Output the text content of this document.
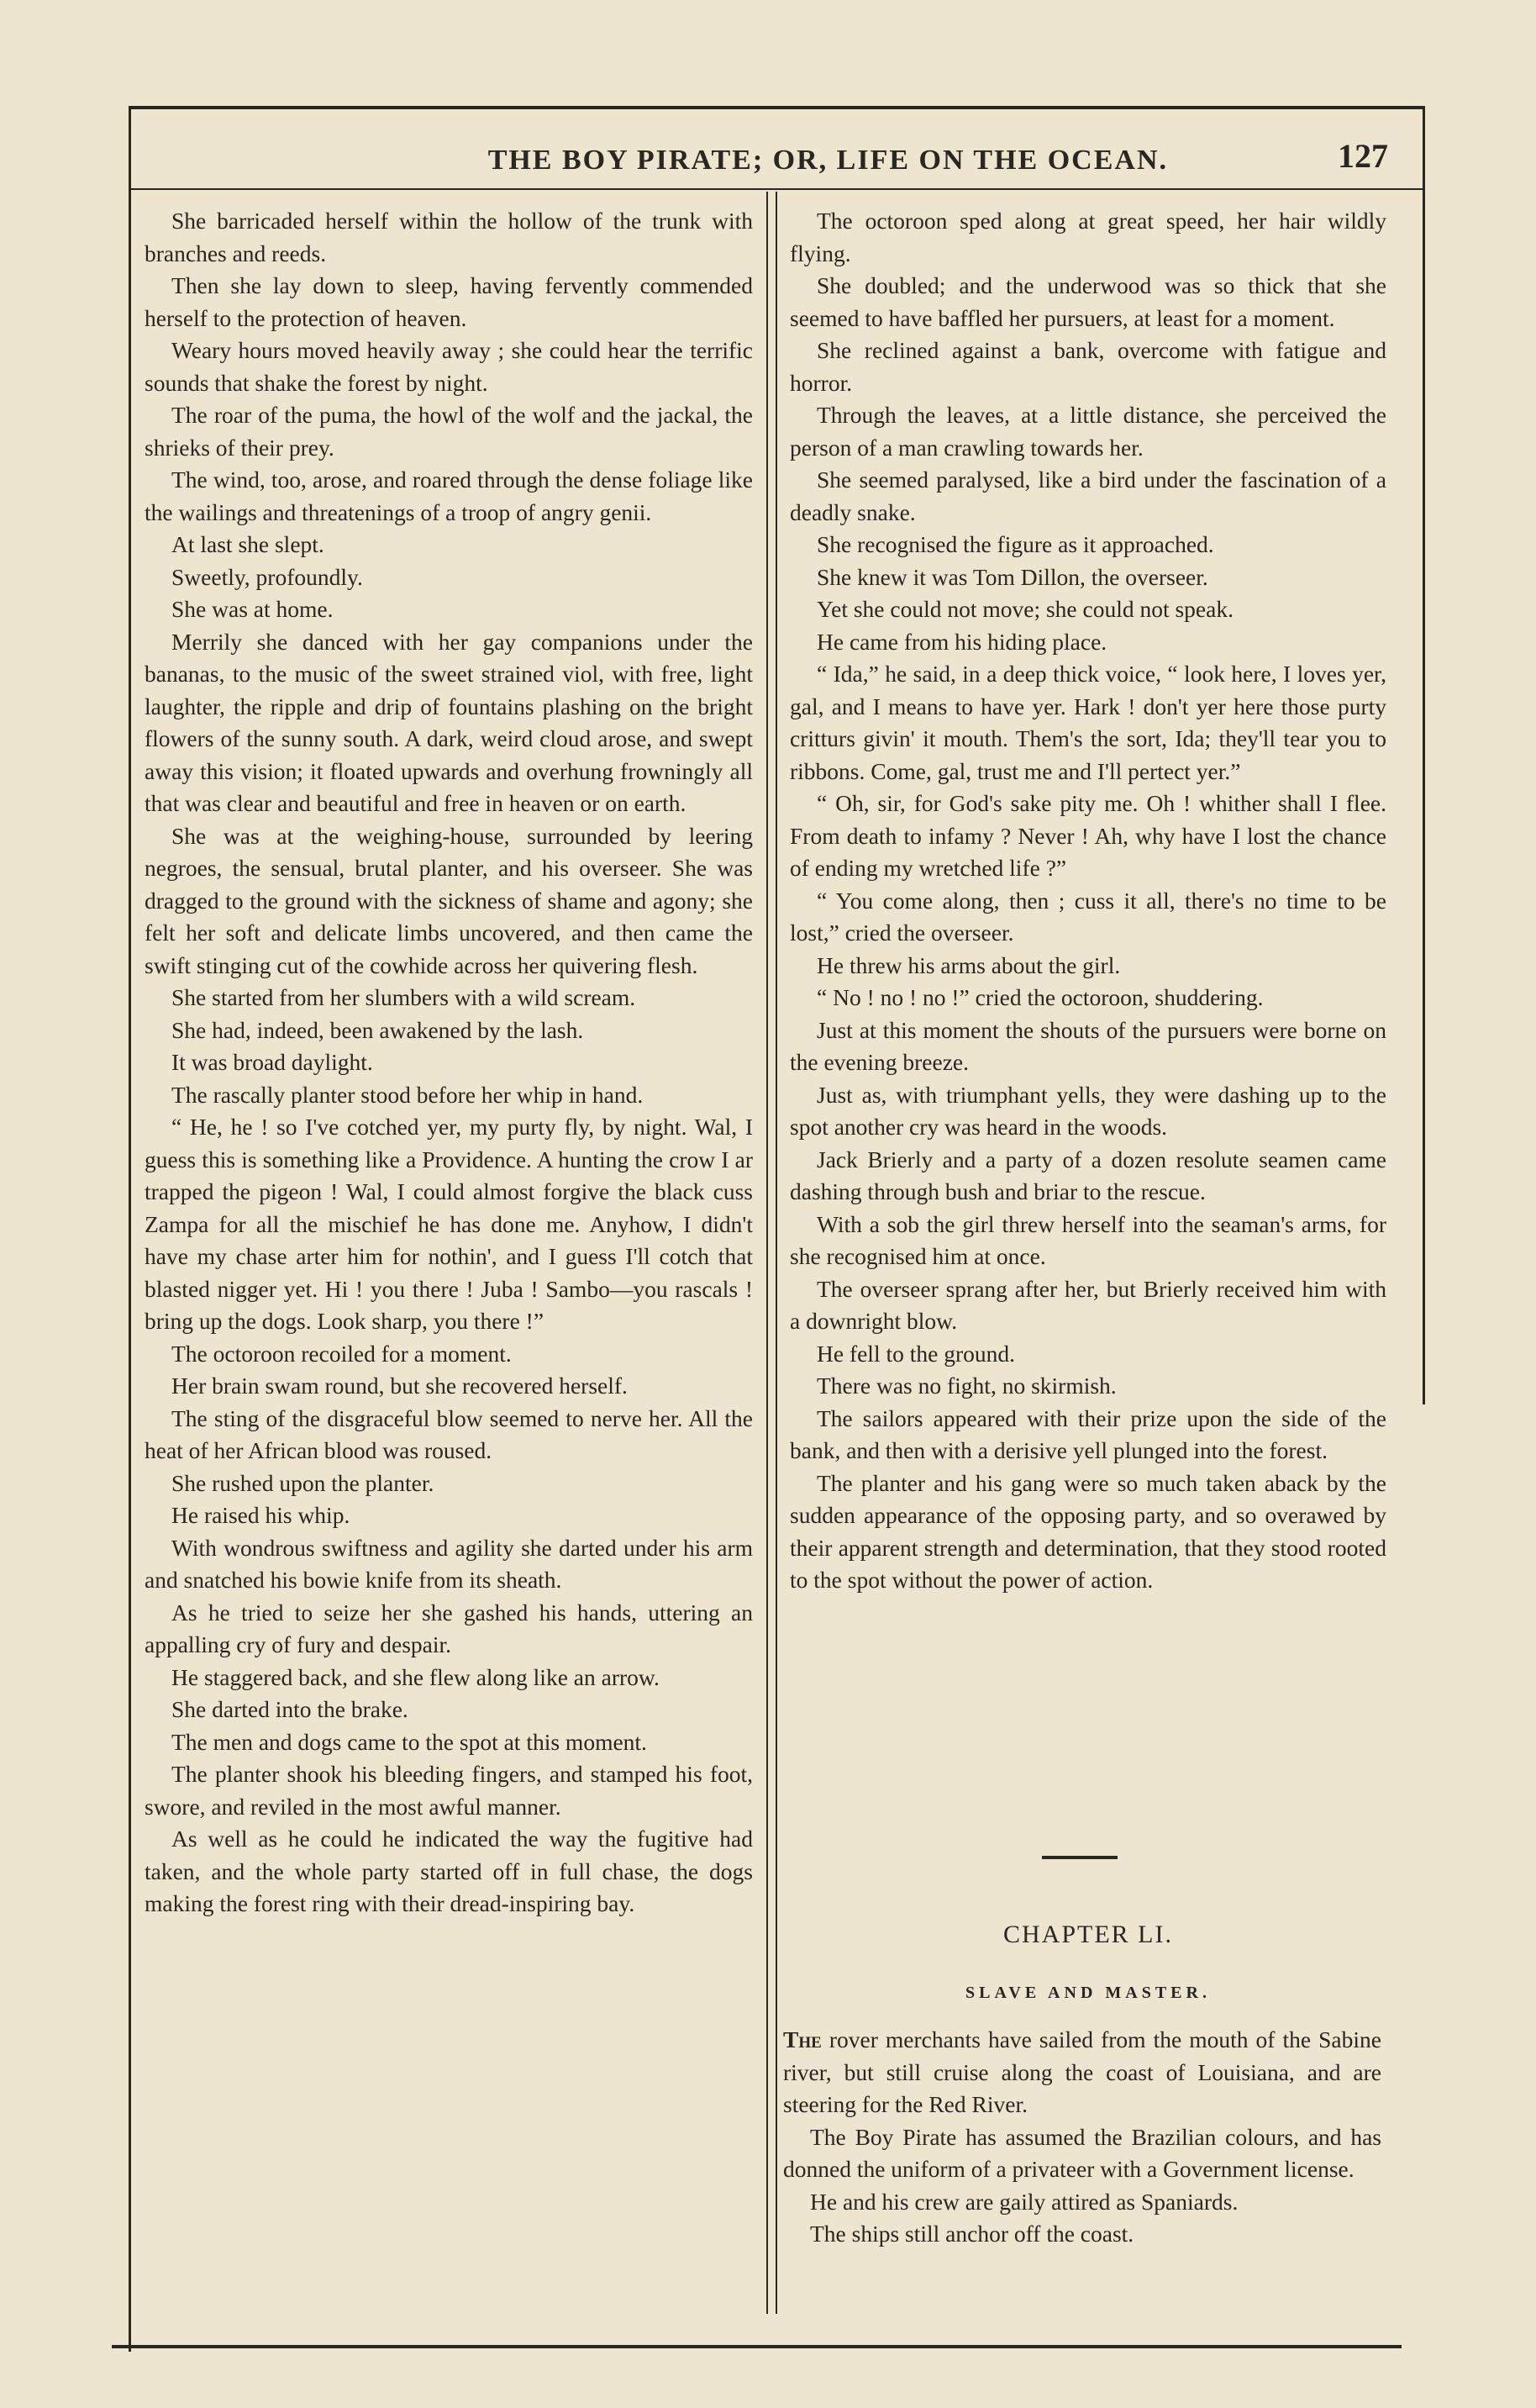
THE BOY PIRATE; OR, LIFE ON THE OCEAN.	127

She barricaded herself within the hollow of the trunk with branches and reeds.

Then she lay down to sleep, having fervently commended herself to the protection of heaven.

Weary hours moved heavily away ; she could hear the terrific sounds that shake the forest by night.

The roar of the puma, the howl of the wolf and the jackal, the shrieks of their prey.

The wind, too, arose, and roared through the dense foliage like the wailings and threatenings of a troop of angry genii.

At last she slept.

Sweetly, profoundly.

She was at home.

Merrily she danced with her gay companions under the bananas, to the music of the sweet strained viol, with free, light laughter, the ripple and drip of fountains plashing on the bright flowers of the sunny south. A dark, weird cloud arose, and swept away this vision; it floated upwards and overhung frowningly all that was clear and beautiful and free in heaven or on earth.

She was at the weighing-house, surrounded by leering negroes, the sensual, brutal planter, and his overseer. She was dragged to the ground with the sickness of shame and agony; she felt her soft and delicate limbs uncovered, and then came the swift stinging cut of the cowhide across her quivering flesh.

She started from her slumbers with a wild scream.

She had, indeed, been awakened by the lash.

It was broad daylight.

The rascally planter stood before her whip in hand.

“ He, he ! so I've cotched yer, my purty fly, by night. Wal, I guess this is something like a Providence. A hunting the crow I ar trapped the pigeon ! Wal, I could almost forgive the black cuss Zampa for all the mischief he has done me. Anyhow, I didn't have my chase arter him for nothin', and I guess I'll cotch that blasted nigger yet. Hi ! you there ! Juba ! Sambo—you rascals ! bring up the dogs. Look sharp, you there !”

The octoroon recoiled for a moment.

Her brain swam round, but she recovered herself.

The sting of the disgraceful blow seemed to nerve her. All the heat of her African blood was roused.

She rushed upon the planter.

He raised his whip.

With wondrous swiftness and agility she darted under his arm and snatched his bowie knife from its sheath.

As he tried to seize her she gashed his hands, uttering an appalling cry of fury and despair.

He staggered back, and she flew along like an arrow.

She darted into the brake.

The men and dogs came to the spot at this moment.

The planter shook his bleeding fingers, and stamped his foot, swore, and reviled in the most awful manner.

As well as he could he indicated the way the fugitive had taken, and the whole party started off in full chase, the dogs making the forest ring with their dread-inspiring bay.

The octoroon sped along at great speed, her hair wildly flying.

She doubled; and the underwood was so thick that she seemed to have baffled her pursuers, at least for a moment.

She reclined against a bank, overcome with fatigue and horror.

Through the leaves, at a little distance, she perceived the person of a man crawling towards her.

She seemed paralysed, like a bird under the fascination of a deadly snake.

She recognised the figure as it approached.

She knew it was Tom Dillon, the overseer.

Yet she could not move; she could not speak.

He came from his hiding place.

“ Ida,” he said, in a deep thick voice, “ look here, I loves yer, gal, and I means to have yer. Hark ! don't yer here those purty critturs givin' it mouth. Them's the sort, Ida; they'll tear you to ribbons. Come, gal, trust me and I'll pertect yer.”

“ Oh, sir, for God's sake pity me. Oh ! whither shall I flee. From death to infamy ? Never ! Ah, why have I lost the chance of ending my wretched life ?”

“ You come along, then ; cuss it all, there's no time to be lost,” cried the overseer.

He threw his arms about the girl.

“ No ! no ! no !” cried the octoroon, shuddering.

Just at this moment the shouts of the pursuers were borne on the evening breeze.

Just as, with triumphant yells, they were dashing up to the spot another cry was heard in the woods.

Jack Brierly and a party of a dozen resolute seamen came dashing through bush and briar to the rescue.

With a sob the girl threw herself into the seaman's arms, for she recognised him at once.

The overseer sprang after her, but Brierly received him with a downright blow.

He fell to the ground.

There was no fight, no skirmish.

The sailors appeared with their prize upon the side of the bank, and then with a derisive yell plunged into the forest.

The planter and his gang were so much taken aback by the sudden appearance of the opposing party, and so overawed by their apparent strength and determination, that they stood rooted to the spot without the power of action.

CHAPTER LI.
SLAVE AND MASTER.

The rover merchants have sailed from the mouth of the Sabine river, but still cruise along the coast of Louisiana, and are steering for the Red River.

The Boy Pirate has assumed the Brazilian colours, and has donned the uniform of a privateer with a Government license.

He and his crew are gaily attired as Spaniards.

The ships still anchor off the coast.
